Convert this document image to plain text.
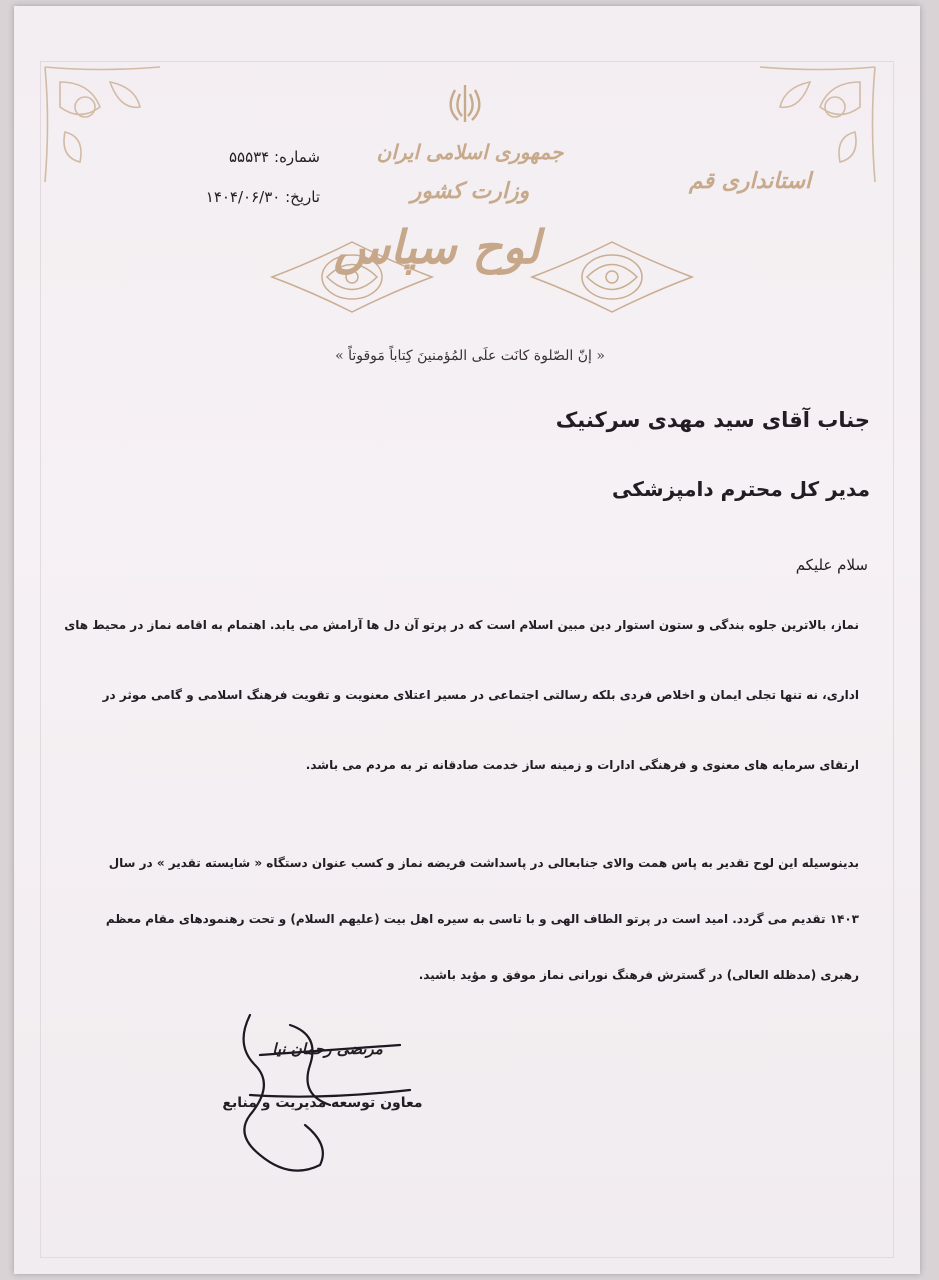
جمهوری اسلامی ایران
وزارت کشور	استانداری قم
شماره: ۵۵۵۳۴
تاریخ: ۱۴۰۴/۰۶/۳۰
لوح سپاس
« إنّ الصّلوة كانَت علَى المُؤمنينَ كِتاباً مَوقوتاً »
جناب آقای سید مهدی سرکنیک
مدیر کل محترم دامپزشکی
سلام علیکم
نماز، بالاترین جلوه بندگی و ستون استوار دین مبین اسلام است که در پرتو آن دل ها آرامش می یابد. اهتمام به اقامه نماز در محیط های
اداری، نه تنها تجلی ایمان و اخلاص فردی بلکه رسالتی اجتماعی در مسیر اعتلای معنویت و تقویت فرهنگ اسلامی و گامی موثر در
ارتقای سرمایه های معنوی و فرهنگی ادارات و زمینه ساز خدمت صادقانه تر به مردم می باشد.
بدینوسیله این لوح تقدیر به پاس همت والای جنابعالی در پاسداشت فریضه نماز و کسب عنوان دستگاه « شایسته تقدیر » در سال
۱۴۰۳ تقدیم می گردد. امید است در پرتو الطاف الهی و با تاسی به سیره اهل بیت (علیهم السلام) و تحت رهنمودهای مقام معظم
رهبری (مدظله العالی) در گسترش فرهنگ نورانی نماز موفق و مؤید باشید.
مرتضی رحمان نیا
معاون توسعه مدیریت و منابع
